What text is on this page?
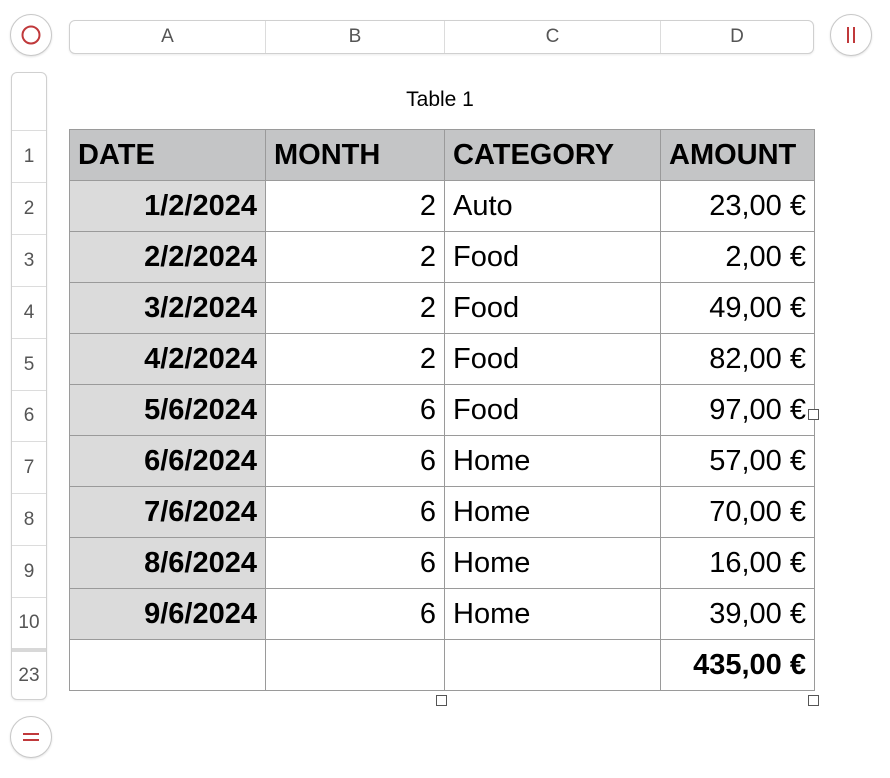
A	B	C	D
1
2
3
4
5
6
7
8
9
10
23
Table 1
DATE	MONTH	CATEGORY	AMOUNT
1/2/2024	2	Auto	23,00 €
2/2/2024	2	Food	2,00 €
3/2/2024	2	Food	49,00 €
4/2/2024	2	Food	82,00 €
5/6/2024	6	Food	97,00 €
6/6/2024	6	Home	57,00 €
7/6/2024	6	Home	70,00 €
8/6/2024	6	Home	16,00 €
9/6/2024	6	Home	39,00 €
			435,00 €
